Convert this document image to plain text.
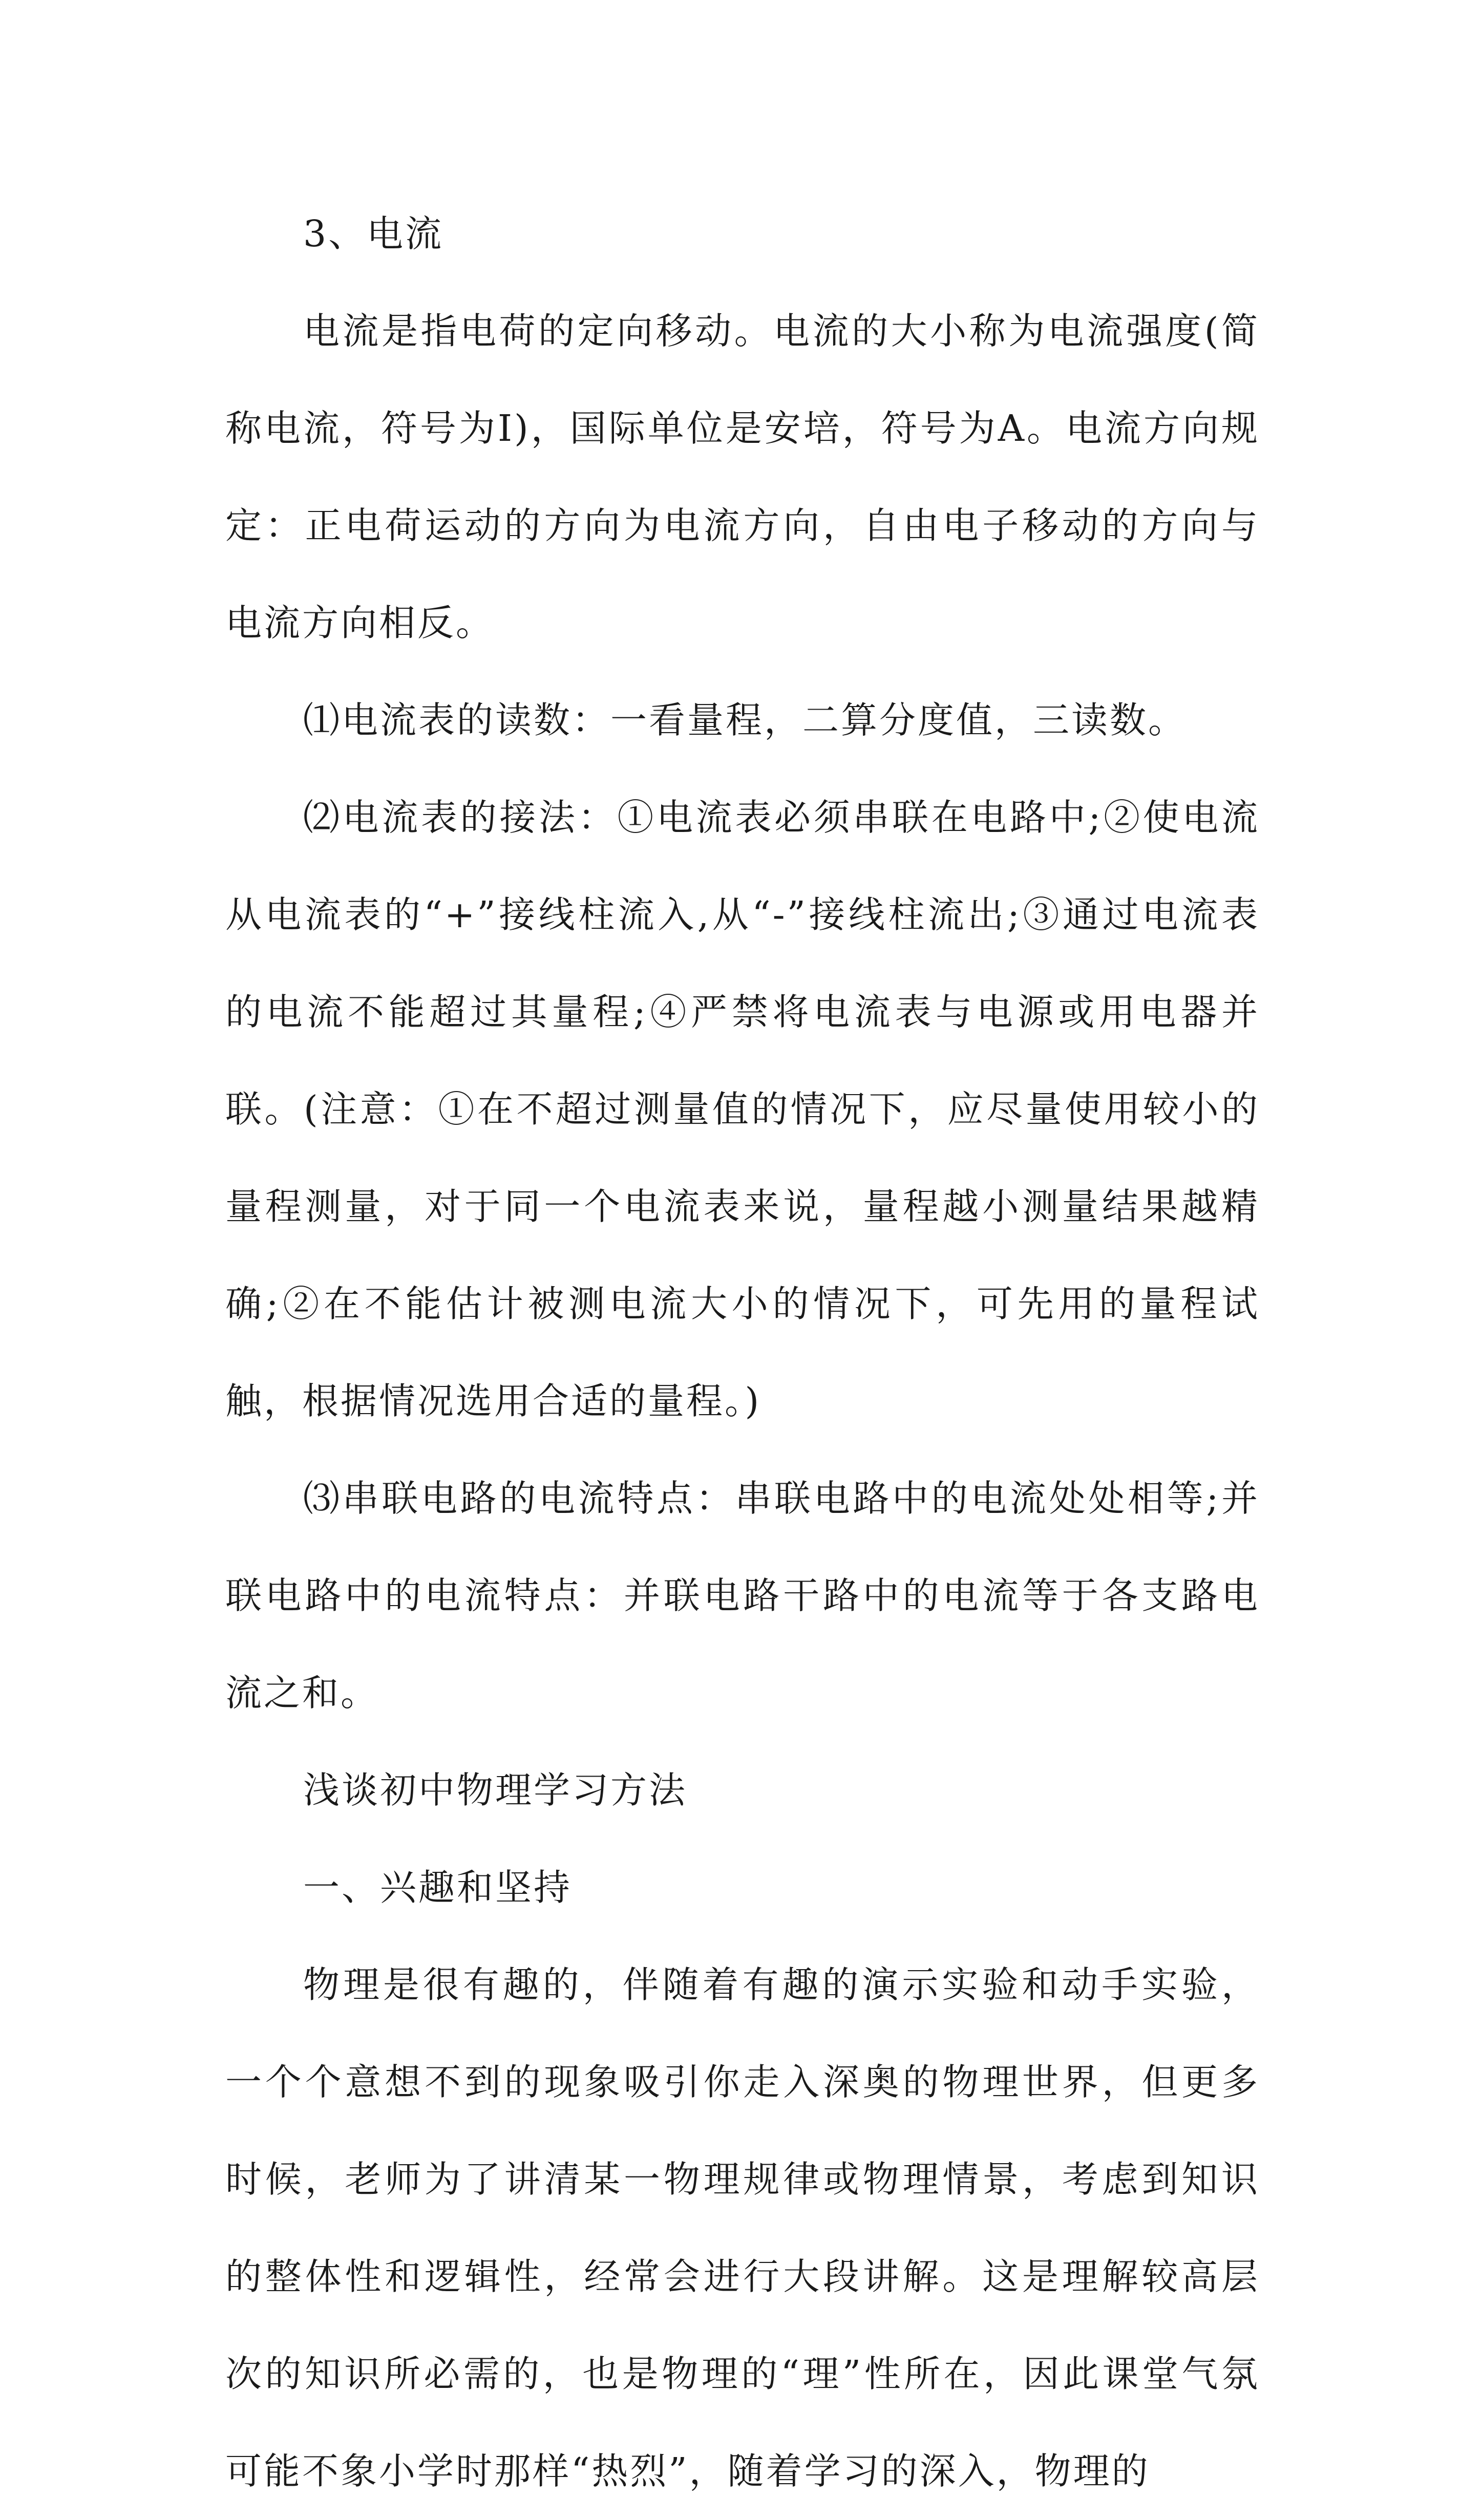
3、电流

电流是指电荷的定向移动。电流的大小称为电流强度(简称电流，符号为I)，国际单位是安培，符号为A。电流方向规定：正电荷运动的方向为电流方向，自由电子移动的方向与电流方向相反。

⑴电流表的读数：一看量程，二算分度值，三读数。

⑵电流表的接法：①电流表必须串联在电路中;②使电流从电流表的“+”接线柱流入,从“-”接线柱流出;③通过电流表的电流不能超过其量程;④严禁将电流表与电源或用电器并联。(注意：①在不超过测量值的情况下，应尽量使用较小的量程测量，对于同一个电流表来说，量程越小测量结果越精确;②在不能估计被测电流大小的情况下，可先用的量程试触，根据情况选用合适的量程。)

⑶串联电路的电流特点：串联电路中的电流处处相等;并联电路中的电流特点：并联电路干路中的电流等于各支路电流之和。

浅谈初中物理学习方法

一、兴趣和坚持

物理是很有趣的，伴随着有趣的演示实验和动手实验，一个个意想不到的现象吸引你走入深奥的物理世界，但更多时候，老师为了讲清某一物理规律或物理情景，考虑到知识的整体性和逻辑性，经常会进行大段讲解。这是理解较高层次的知识所必需的，也是物理的“理”性所在，因此课堂气氛可能不象小学时那样“热烈”，随着学习的深入，物理的
